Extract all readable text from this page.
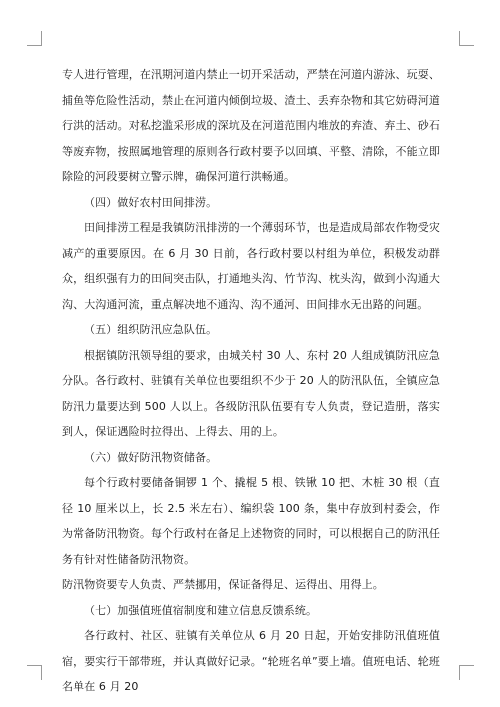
专人进行管理，在汛期河道内禁止一切开采活动，严禁在河道内游泳、玩耍、捕鱼等危险性活动，禁止在河道内倾倒垃圾、渣土、丢弃杂物和其它妨碍河道行洪的活动。对私挖滥采形成的深坑及在河道范围内堆放的弃渣、弃土、砂石等废弃物，按照属地管理的原则各行政村要予以回填、平整、清除，不能立即除险的河段要树立警示牌，确保河道行洪畅通。

（四）做好农村田间排涝。

田间排涝工程是我镇防汛排涝的一个薄弱环节，也是造成局部农作物受灾减产的重要原因。在 6 月 30 日前，各行政村要以村组为单位，积极发动群众，组织强有力的田间突击队，打通地头沟、竹节沟、枕头沟，做到小沟通大沟、大沟通河流，重点解决地不通沟、沟不通河、田间排水无出路的问题。

（五）组织防汛应急队伍。

根据镇防汛领导组的要求，由城关村 30 人、东村 20 人组成镇防汛应急分队。各行政村、驻镇有关单位也要组织不少于 20 人的防汛队伍，全镇应急防汛力量要达到 500 人以上。各级防汛队伍要有专人负责，登记造册，落实到人，保证遇险时拉得出、上得去、用的上。

（六）做好防汛物资储备。

每个行政村要储备铜锣 1 个、撬棍 5 根、铁锹 10 把、木桩 30 根（直径 10 厘米以上，长 2.5 米左右）、编织袋 100 条，集中存放到村委会，作为常备防汛物资。每个行政村在备足上述物资的同时，可以根据自己的防汛任务有针对性储备防汛物资。

防汛物资要专人负责、严禁挪用，保证备得足、运得出、用得上。

（七）加强值班值宿制度和建立信息反馈系统。

各行政村、社区、驻镇有关单位从 6 月 20 日起，开始安排防汛值班值宿，要实行干部带班，并认真做好记录。“轮班名单”要上墙。值班电话、轮班名单在 6 月 20
